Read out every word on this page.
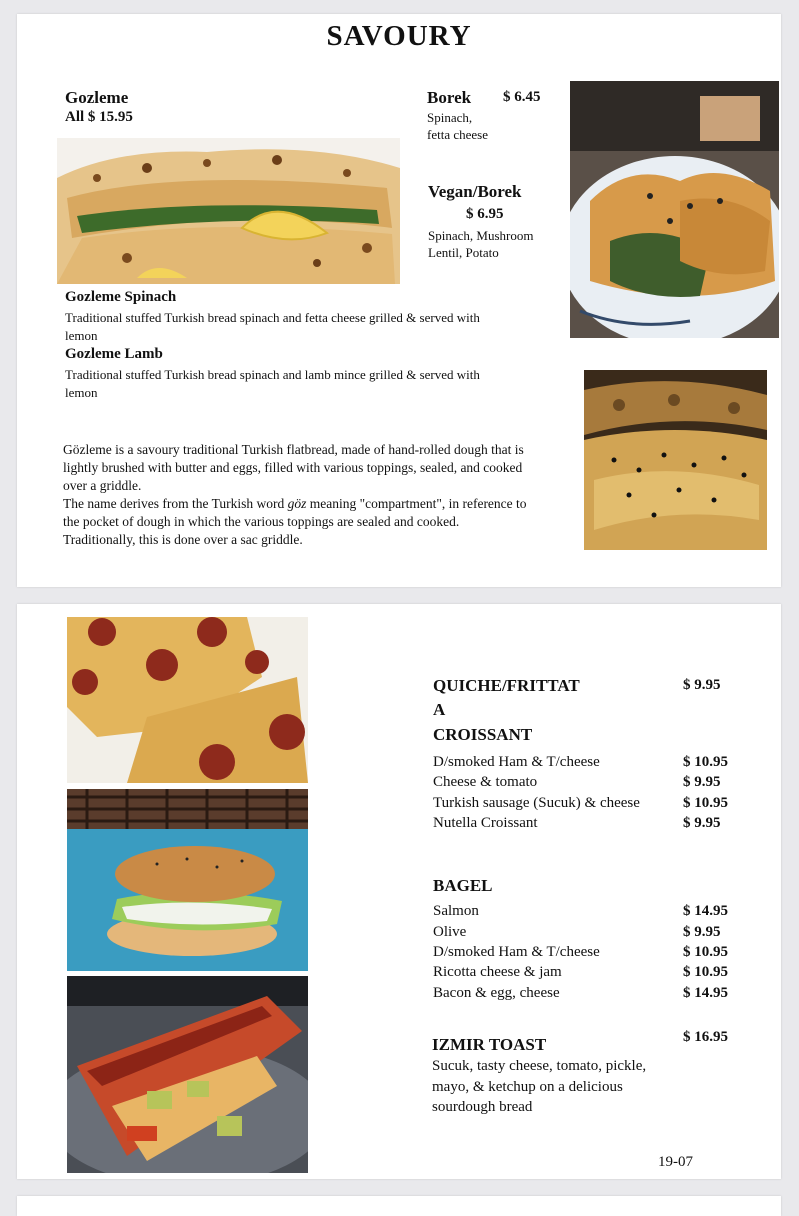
SAVOURY
Gozleme
All $ 15.95
Borek $ 6.45
Spinach,
fetta cheese
Vegan/Borek
$ 6.95
Spinach, Mushroom
Lentil, Potato
Gozleme Spinach
Traditional stuffed Turkish bread spinach and fetta cheese grilled & served with
lemon
Gozleme Lamb
Traditional stuffed Turkish bread spinach and lamb mince grilled & served with
lemon
Gözleme is a savoury traditional Turkish flatbread, made of hand-rolled dough that is
lightly brushed with butter and eggs, filled with various toppings, sealed, and cooked
over a griddle.
The name derives from the Turkish word göz meaning "compartment", in reference to
the pocket of dough in which the various toppings are sealed and cooked.
Traditionally, this is done over a sac griddle.
QUICHE/FRITTAT
A
$ 9.95
CROISSANT
D/smoked Ham & T/cheese	$ 10.95
Cheese & tomato	$ 9.95
Turkish sausage (Sucuk) & cheese	$ 10.95
Nutella Croissant	$ 9.95
BAGEL
Salmon	$ 14.95
Olive	$ 9.95
D/smoked Ham & T/cheese	$ 10.95
Ricotta cheese & jam	$ 10.95
Bacon & egg, cheese	$ 14.95
IZMIR TOAST	$ 16.95
Sucuk, tasty cheese, tomato, pickle,
mayo, & ketchup on a delicious
sourdough bread
19-07
